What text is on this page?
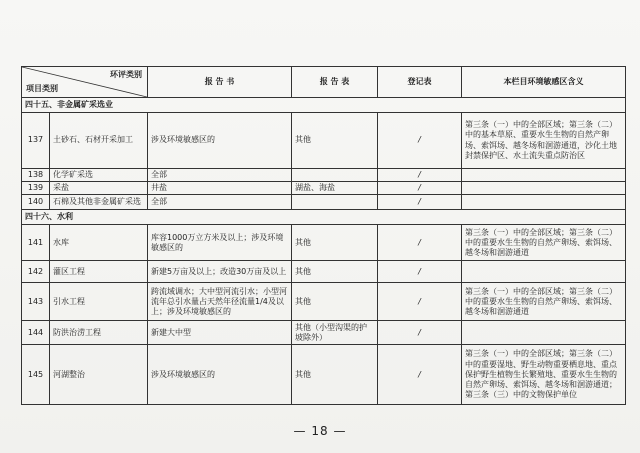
环评类别
项目类别		报 告 书	报 告 表	登记表	本栏目环境敏感区含义
四十五、非金属矿采选业					
137	土砂石、石材开采加工	涉及环境敏感区的	其他	/	第三条（一）中的全部区域；第三条（二）中的基本草原、重要水生生物的自然产卵场、索饵场、越冬场和洄游通道，沙化土地封禁保护区、水土流失重点防治区
138	化学矿采选	全部		/	
139	采盐	井盐	湖盐、海盐	/	
140	石棉及其他非金属矿采选	全部		/	
四十六、水利					
141	水库	库容1000万立方米及以上；涉及环境敏感区的	其他	/	第三条（一）中的全部区域；第三条（二）中的重要水生生物的自然产卵场、索饵场、越冬场和洄游通道
142	灌区工程	新建5万亩及以上；改造30万亩及以上	其他	/	
143	引水工程	跨流域调水；大中型河流引水；小型河流年总引水量占天然年径流量1/4及以上；涉及环境敏感区的	其他	/	第三条（一）中的全部区域；第三条（二）中的重要水生生物的自然产卵场、索饵场、越冬场和洄游通道
144	防洪治涝工程	新建大中型	其他（小型沟渠的护坡除外）	/	
145	河湖整治	涉及环境敏感区的	其他	/	第三条（一）中的全部区域；第三条（二）中的重要湿地、野生动物重要栖息地、重点保护野生植物生长繁殖地、重要水生生物的自然产卵场、索饵场、越冬场和洄游通道；第三条（三）中的文物保护单位
— 18 —
